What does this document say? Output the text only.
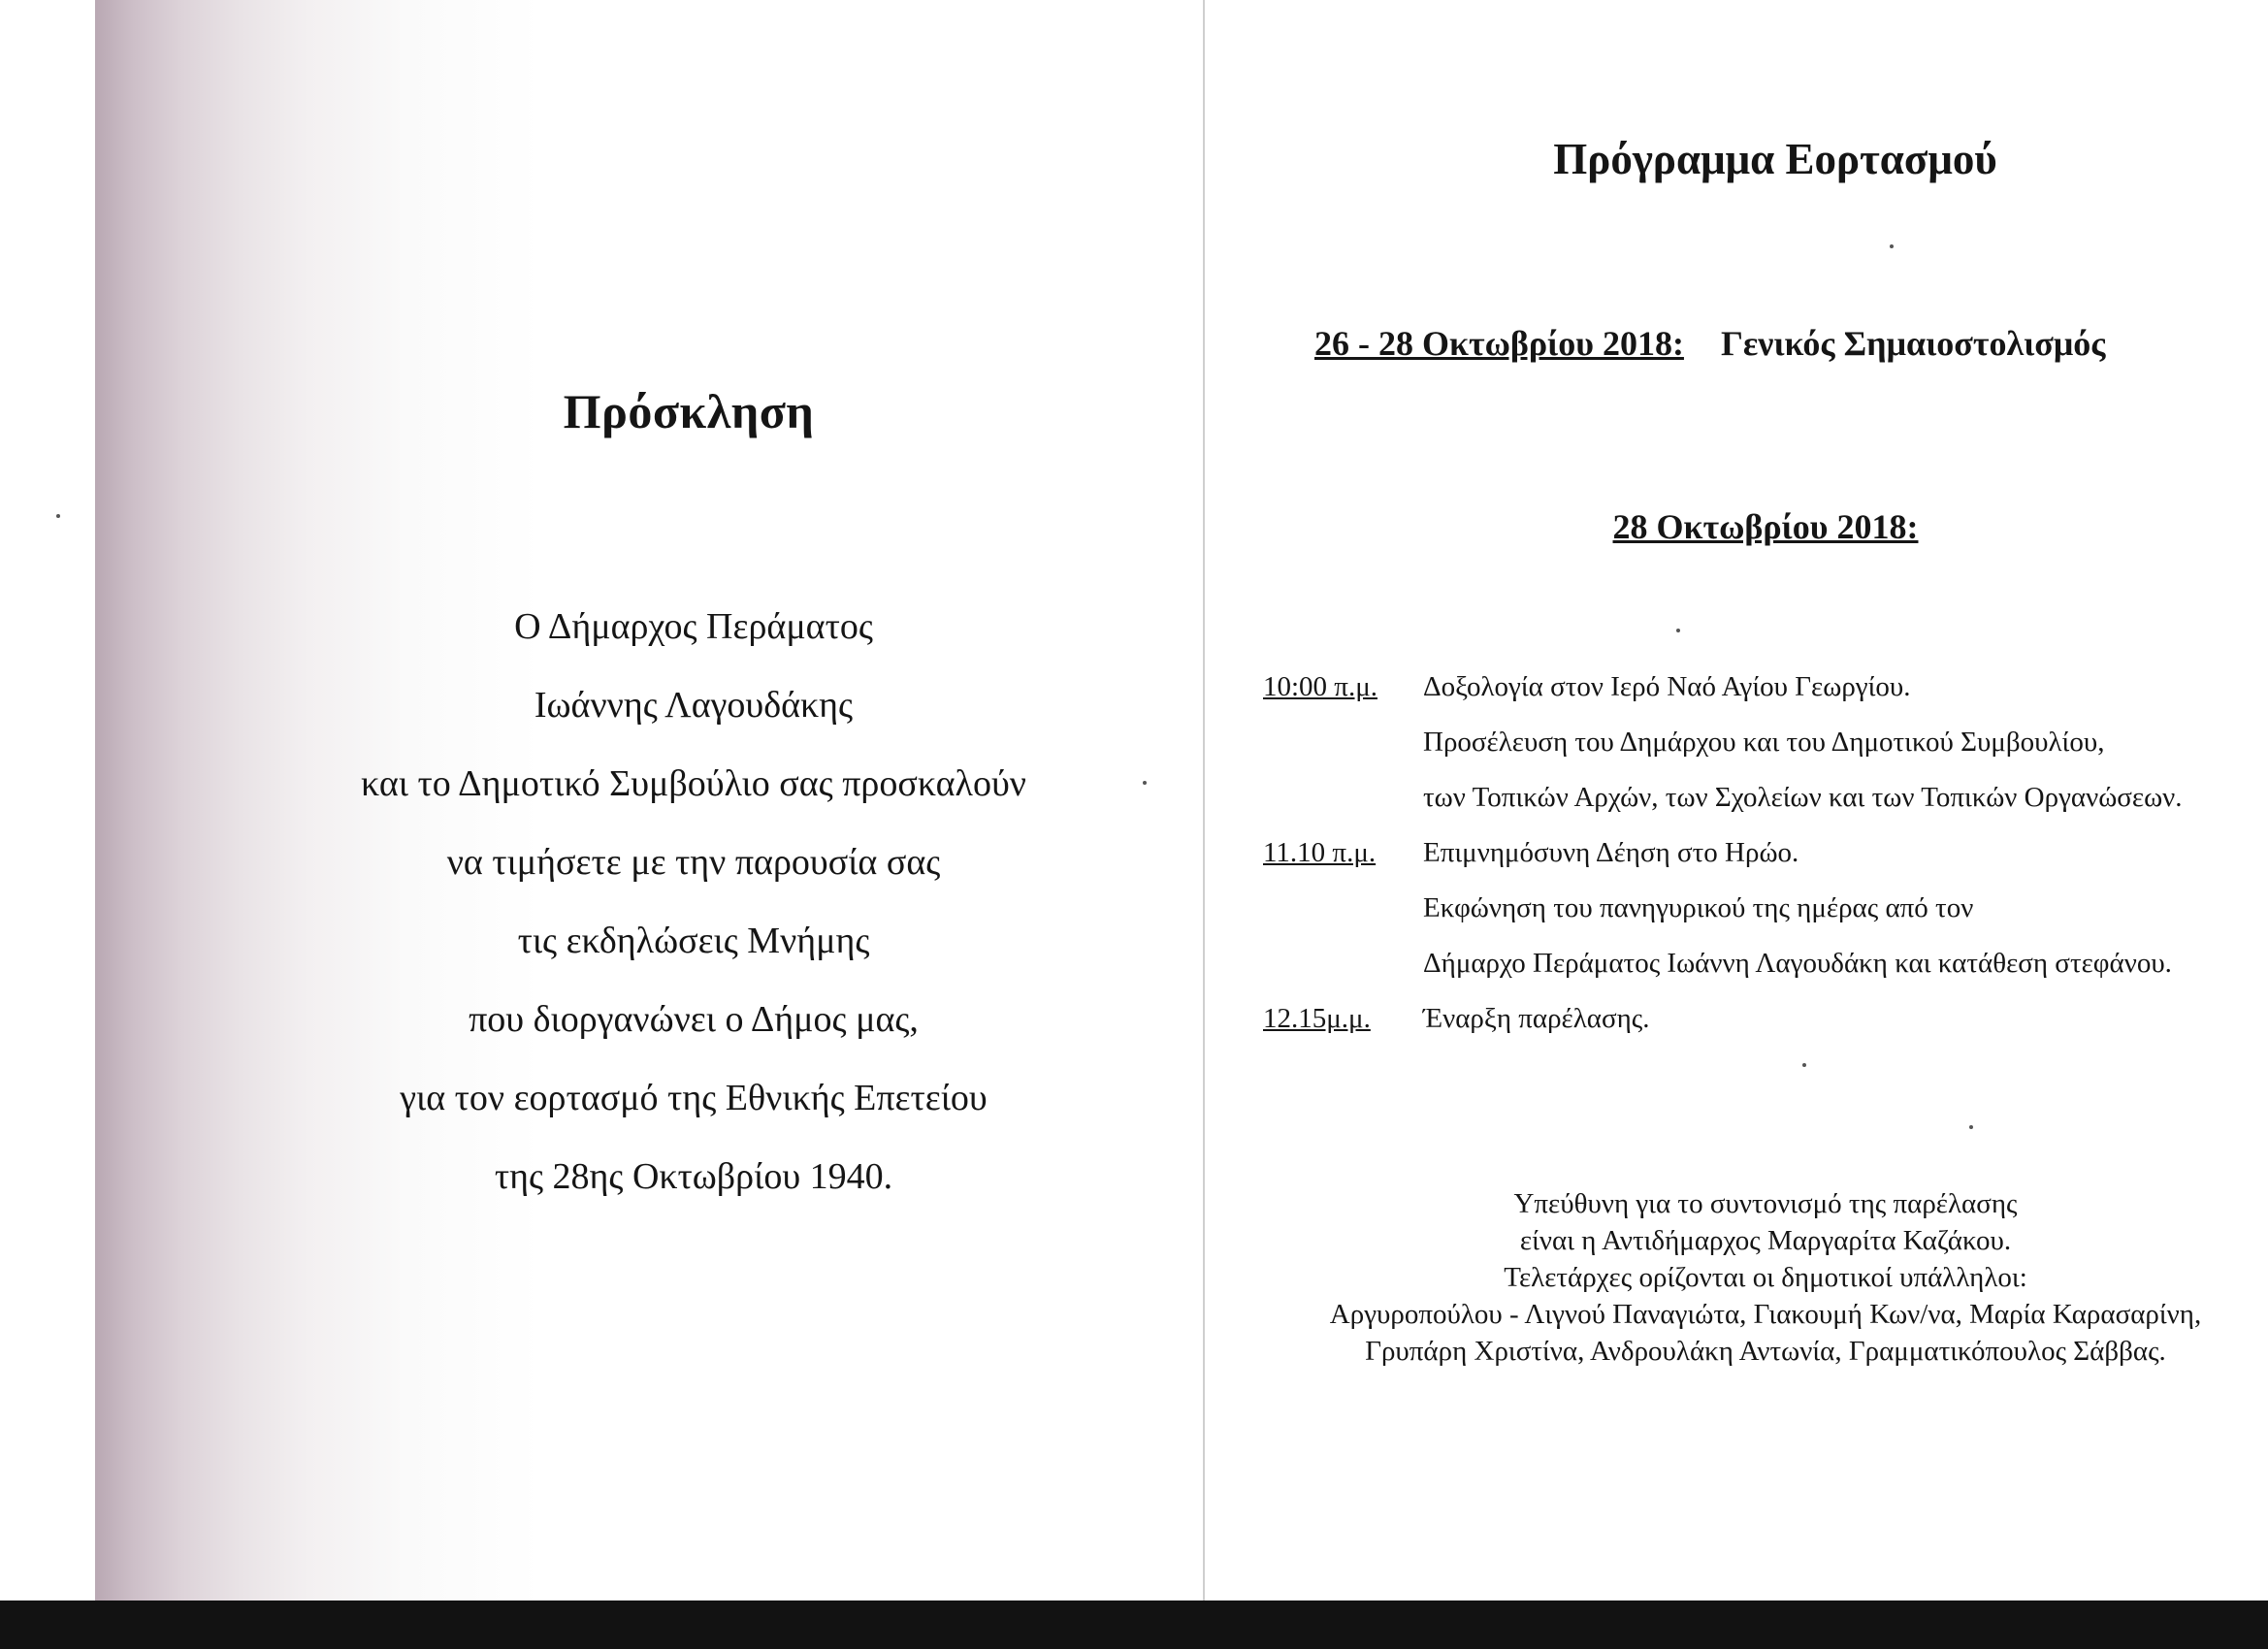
Πρόσκληση
Ο Δήμαρχος Περάματος
Ιωάννης Λαγουδάκης
και το Δημοτικό Συμβούλιο σας προσκαλούν
να τιμήσετε με την παρουσία σας
τις εκδηλώσεις Μνήμης
που διοργανώνει ο Δήμος μας,
για τον εορτασμό της Εθνικής Επετείου
της 28ης Οκτωβρίου 1940.
Πρόγραμμα Εορτασμού
26 - 28 Οκτωβρίου 2018: Γενικός Σημαιοστολισμός
28 Οκτωβρίου 2018:
10:00 π.μ. Δοξολογία στον Ιερό Ναό Αγίου Γεωργίου.
Προσέλευση του Δημάρχου και του Δημοτικού Συμβουλίου,
των Τοπικών Αρχών, των Σχολείων και των Τοπικών Οργανώσεων.
11.10 π.μ. Επιμνημόσυνη Δέηση στο Ηρώο.
Εκφώνηση του πανηγυρικού της ημέρας από τον
Δήμαρχο Περάματος Ιωάννη Λαγουδάκη και κατάθεση στεφάνου.
12.15μ.μ. Έναρξη παρέλασης.
Υπεύθυνη για το συντονισμό της παρέλασης
είναι η Αντιδήμαρχος Μαργαρίτα Καζάκου.
Τελετάρχες ορίζονται οι δημοτικοί υπάλληλοι:
Αργυροπούλου - Λιγνού Παναγιώτα, Γιακουμή Κων/να, Μαρία Καρασαρίνη,
Γρυπάρη Χριστίνα, Ανδρουλάκη Αντωνία, Γραμματικόπουλος Σάββας.
